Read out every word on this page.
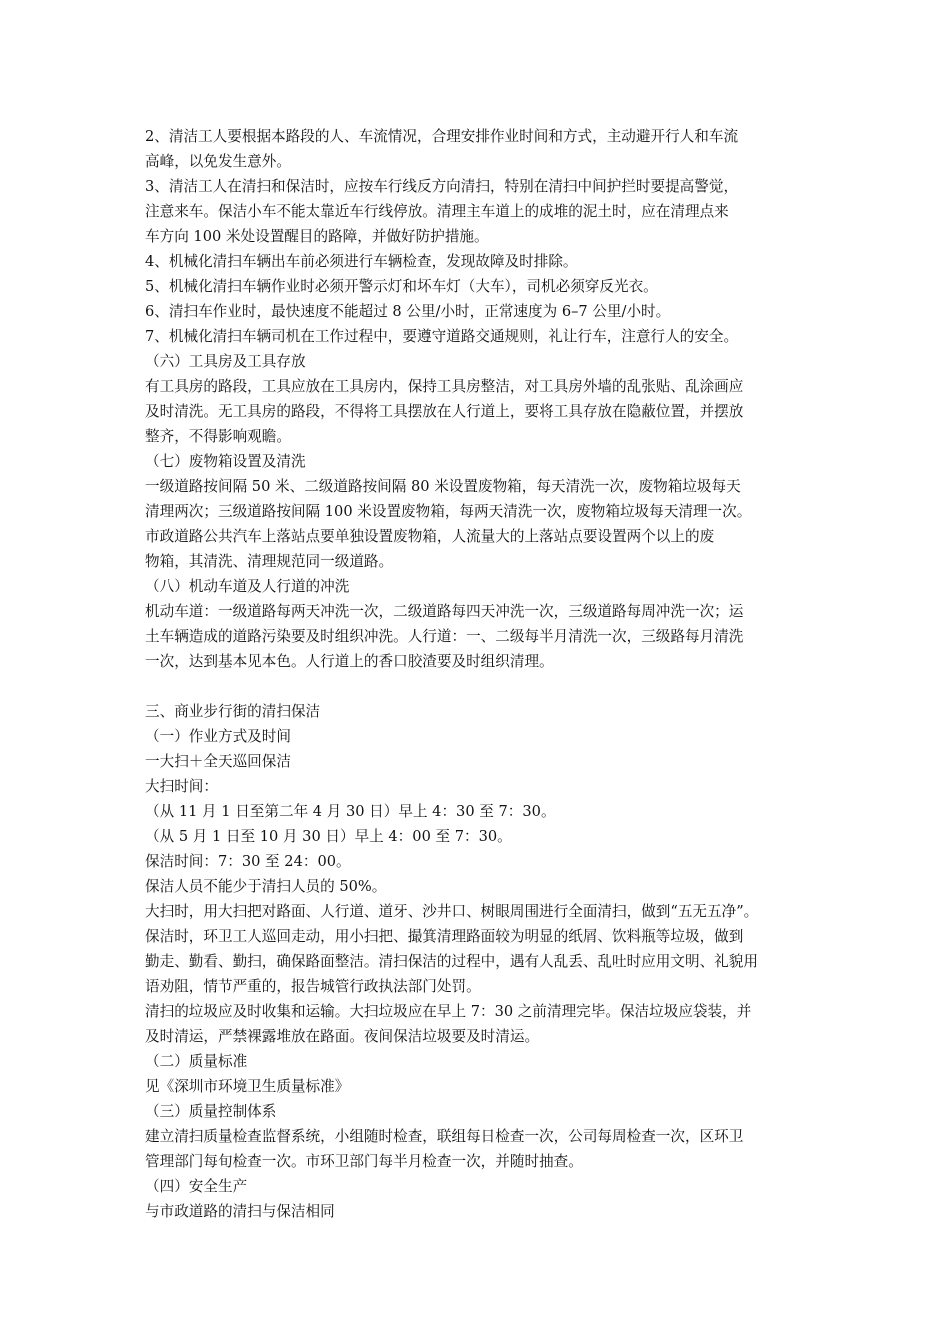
2、清洁工人要根据本路段的人、车流情况，合理安排作业时间和方式，主动避开行人和车流
高峰，以免发生意外。

3、清洁工人在清扫和保洁时，应按车行线反方向清扫，特别在清扫中间护拦时要提高警觉，
注意来车。保洁小车不能太靠近车行线停放。清理主车道上的成堆的泥土时，应在清理点来
车方向 100 米处设置醒目的路障，并做好防护措施。

4、机械化清扫车辆出车前必须进行车辆检查，发现故障及时排除。

5、机械化清扫车辆作业时必须开警示灯和坏车灯（大车），司机必须穿反光衣。

6、清扫车作业时，最快速度不能超过 8 公里/小时，正常速度为 6–7 公里/小时。

7、机械化清扫车辆司机在工作过程中，要遵守道路交通规则，礼让行车，注意行人的安全。

（六）工具房及工具存放

有工具房的路段，工具应放在工具房内，保持工具房整洁，对工具房外墙的乱张贴、乱涂画应
及时清洗。无工具房的路段，不得将工具摆放在人行道上，要将工具存放在隐蔽位置，并摆放
整齐，不得影响观瞻。

（七）废物箱设置及清洗

一级道路按间隔 50 米、二级道路按间隔 80 米设置废物箱，每天清洗一次，废物箱垃圾每天
清理两次；三级道路按间隔 100 米设置废物箱，每两天清洗一次，废物箱垃圾每天清理一次。
市政道路公共汽车上落站点要单独设置废物箱，人流量大的上落站点要设置两个以上的废
物箱，其清洗、清理规范同一级道路。

（八）机动车道及人行道的冲洗

机动车道：一级道路每两天冲洗一次，二级道路每四天冲洗一次，三级道路每周冲洗一次；运
土车辆造成的道路污染要及时组织冲洗。人行道：一、二级每半月清洗一次，三级路每月清洗
一次，达到基本见本色。人行道上的香口胶渣要及时组织清理。

三、商业步行街的清扫保洁

（一）作业方式及时间

一大扫＋全天巡回保洁

大扫时间：

（从 11 月 1 日至第二年 4 月 30 日）早上 4：30 至 7：30。

（从 5 月 1 日至 10 月 30 日）早上 4：00 至 7：30。

保洁时间：7：30 至 24：00。

保洁人员不能少于清扫人员的 50%。

大扫时，用大扫把对路面、人行道、道牙、沙井口、树眼周围进行全面清扫，做到“五无五净”。

保洁时，环卫工人巡回走动，用小扫把、撮箕清理路面较为明显的纸屑、饮料瓶等垃圾，做到
勤走、勤看、勤扫，确保路面整洁。清扫保洁的过程中，遇有人乱丢、乱吐时应用文明、礼貌用
语劝阻，情节严重的，报告城管行政执法部门处罚。

清扫的垃圾应及时收集和运输。大扫垃圾应在早上 7：30 之前清理完毕。保洁垃圾应袋装，并
及时清运，严禁裸露堆放在路面。夜间保洁垃圾要及时清运。

（二）质量标准

见《深圳市环境卫生质量标准》

（三）质量控制体系

建立清扫质量检查监督系统，小组随时检查，联组每日检查一次，公司每周检查一次，区环卫
管理部门每旬检查一次。市环卫部门每半月检查一次，并随时抽查。

（四）安全生产

与市政道路的清扫与保洁相同
